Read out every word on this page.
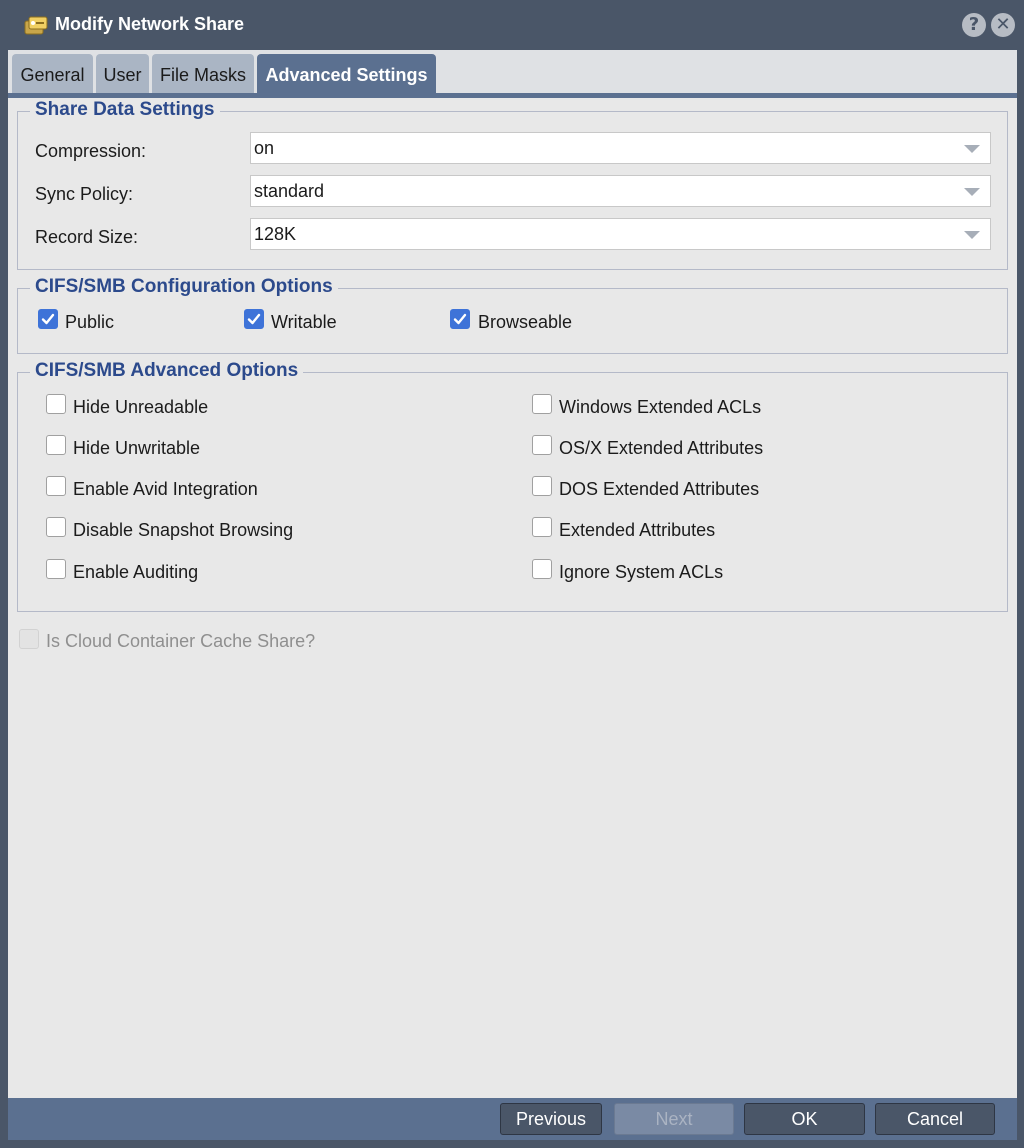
Modify Network Share	? ✕
General	User	File Masks	Advanced Settings
Share Data Settings
Compression:	on
Sync Policy:	standard
Record Size:	128K
CIFS/SMB Configuration Options
Public	Writable	Browseable
CIFS/SMB Advanced Options
Hide Unreadable
Hide Unwritable
Enable Avid Integration
Disable Snapshot Browsing
Enable Auditing
Windows Extended ACLs
OS/X Extended Attributes
DOS Extended Attributes
Extended Attributes
Ignore System ACLs
Is Cloud Container Cache Share?
Previous	Next	OK	Cancel
